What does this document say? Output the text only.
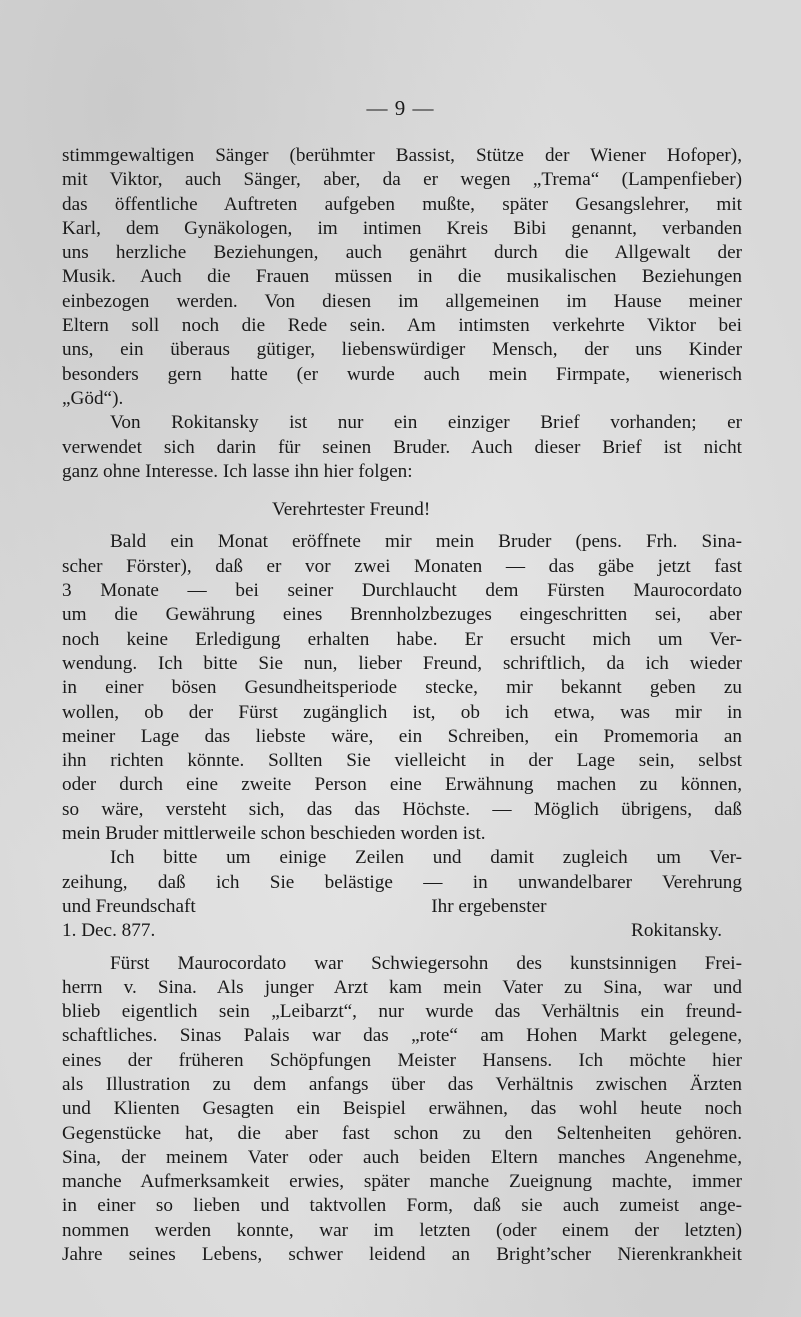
— 9 —
stimmgewaltigen Sänger (berühmter Bassist, Stütze der Wiener Hofoper),
mit Viktor, auch Sänger, aber, da er wegen „Trema“ (Lampenfieber)
das öffentliche Auftreten aufgeben mußte, später Gesangslehrer, mit
Karl, dem Gynäkologen, im intimen Kreis Bibi genannt, verbanden
uns herzliche Beziehungen, auch genährt durch die Allgewalt der
Musik. Auch die Frauen müssen in die musikalischen Beziehungen
einbezogen werden. Von diesen im allgemeinen im Hause meiner
Eltern soll noch die Rede sein. Am intimsten verkehrte Viktor bei
uns, ein überaus gütiger, liebenswürdiger Mensch, der uns Kinder
besonders gern hatte (er wurde auch mein Firmpate, wienerisch
„Göd“).
Von Rokitansky ist nur ein einziger Brief vorhanden; er
verwendet sich darin für seinen Bruder. Auch dieser Brief ist nicht
ganz ohne Interesse. Ich lasse ihn hier folgen:
Verehrtester Freund!
Bald ein Monat eröffnete mir mein Bruder (pens. Frh. Sina-
scher Förster), daß er vor zwei Monaten — das gäbe jetzt fast
3 Monate — bei seiner Durchlaucht dem Fürsten Maurocordato
um die Gewährung eines Brennholzbezuges eingeschritten sei, aber
noch keine Erledigung erhalten habe. Er ersucht mich um Ver-
wendung. Ich bitte Sie nun, lieber Freund, schriftlich, da ich wieder
in einer bösen Gesundheitsperiode stecke, mir bekannt geben zu
wollen, ob der Fürst zugänglich ist, ob ich etwa, was mir in
meiner Lage das liebste wäre, ein Schreiben, ein Promemoria an
ihn richten könnte. Sollten Sie vielleicht in der Lage sein, selbst
oder durch eine zweite Person eine Erwähnung machen zu können,
so wäre, versteht sich, das das Höchste. — Möglich übrigens, daß
mein Bruder mittlerweile schon beschieden worden ist.
Ich bitte um einige Zeilen und damit zugleich um Ver-
zeihung, daß ich Sie belästige — in unwandelbarer Verehrung
und Freundschaft	Ihr ergebenster
1. Dec. 877.	Rokitansky.
Fürst Maurocordato war Schwiegersohn des kunstsinnigen Frei-
herrn v. Sina. Als junger Arzt kam mein Vater zu Sina, war und
blieb eigentlich sein „Leibarzt“, nur wurde das Verhältnis ein freund-
schaftliches. Sinas Palais war das „rote“ am Hohen Markt gelegene,
eines der früheren Schöpfungen Meister Hansens. Ich möchte hier
als Illustration zu dem anfangs über das Verhältnis zwischen Ärzten
und Klienten Gesagten ein Beispiel erwähnen, das wohl heute noch
Gegenstücke hat, die aber fast schon zu den Seltenheiten gehören.
Sina, der meinem Vater oder auch beiden Eltern manches Angenehme,
manche Aufmerksamkeit erwies, später manche Zueignung machte, immer
in einer so lieben und taktvollen Form, daß sie auch zumeist ange-
nommen werden konnte, war im letzten (oder einem der letzten)
Jahre seines Lebens, schwer leidend an Bright’scher Nierenkrankheit
